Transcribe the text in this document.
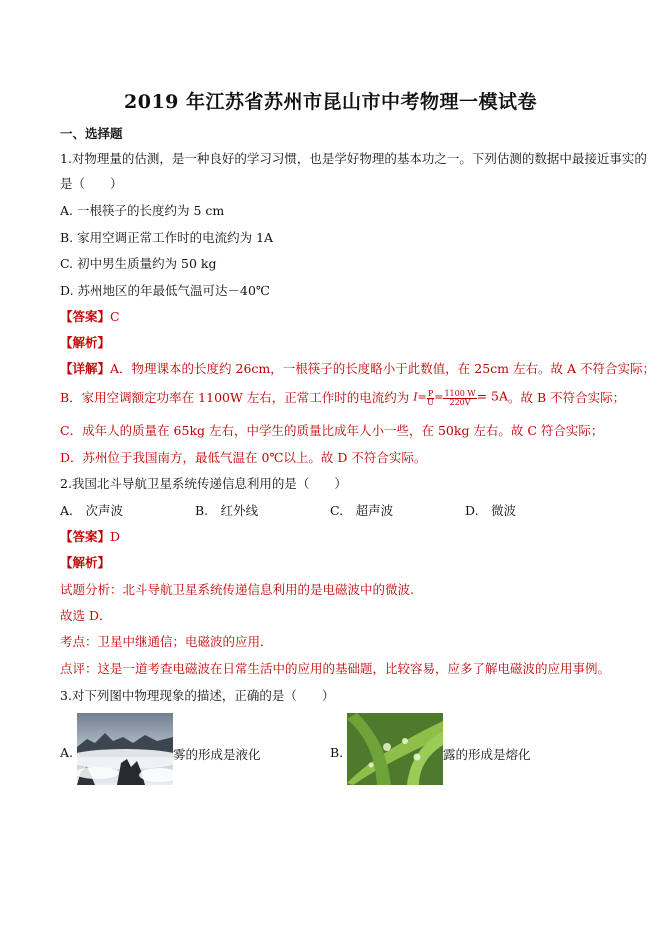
2019 年江苏省苏州市昆山市中考物理一模试卷
一、选择题
1.对物理量的估测，是一种良好的学习习惯，也是学好物理的基本功之一。下列估测的数据中最接近事实的
是（　　）
A. 一根筷子的长度约为 5 cm
B. 家用空调正常工作时的电流约为 1A
C. 初中男生质量约为 50 kg
D. 苏州地区的年最低气温可达－40℃
【答案】C
【解析】
【详解】A．物理课本的长度约 26cm，一根筷子的长度略小于此数值，在 25cm 左右。故 A 不符合实际；
B．家用空调额定功率在 1100W 左右，正常工作时的电流约为 $I= \frac{P}{U} = \frac{1100 W}{220V} = 5A$。故 B 不符合实际；
C．成年人的质量在 65kg 左右，中学生的质量比成年人小一些，在 50kg 左右。故 C 符合实际；
D．苏州位于我国南方，最低气温在 0℃以上。故 D 不符合实际。
2.我国北斗导航卫星系统传递信息利用的是（　　）
A.　次声波	B.　红外线	C.　超声波	D.　微波
【答案】D
【解析】
试题分析：北斗导航卫星系统传递信息利用的是电磁波中的微波.
故选 D．
考点：卫星中继通信；电磁波的应用．
点评：这是一道考查电磁波在日常生活中的应用的基础题，比较容易，应多了解电磁波的应用事例。
3.对下列图中物理现象的描述，正确的是（　　）
A.	雾的形成是液化	B.	露的形成是熔化
